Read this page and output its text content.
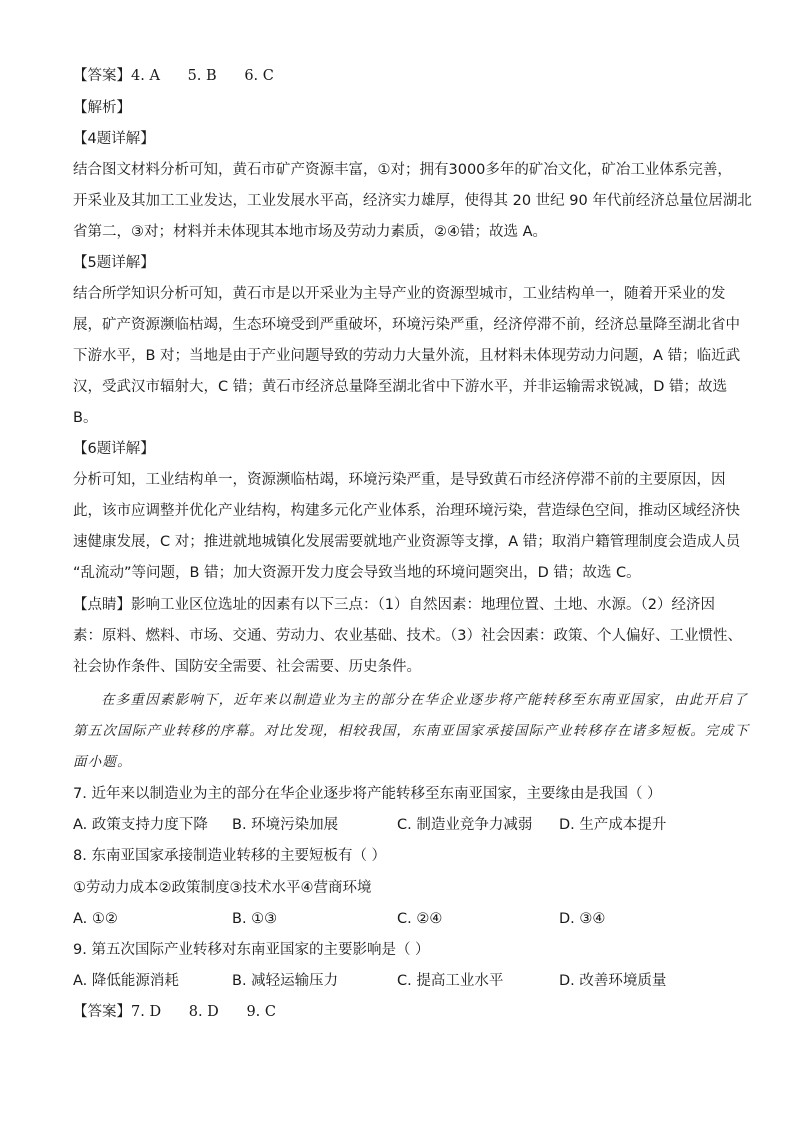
【答案】4. A      5. B      6. C
【解析】
【4题详解】
结合图文材料分析可知，黄石市矿产资源丰富，①对；拥有3000多年的矿冶文化，矿冶工业体系完善，
开采业及其加工工业发达，工业发展水平高，经济实力雄厚，使得其 20 世纪 90 年代前经济总量位居湖北
省第二，③对；材料并未体现其本地市场及劳动力素质，②④错；故选 A。
【5题详解】
结合所学知识分析可知，黄石市是以开采业为主导产业的资源型城市，工业结构单一，随着开采业的发
展，矿产资源濒临枯竭，生态环境受到严重破坏，环境污染严重，经济停滞不前，经济总量降至湖北省中
下游水平，B 对；当地是由于产业问题导致的劳动力大量外流，且材料未体现劳动力问题，A 错；临近武
汉，受武汉市辐射大，C 错；黄石市经济总量降至湖北省中下游水平，并非运输需求锐减，D 错；故选
B。
【6题详解】
分析可知，工业结构单一，资源濒临枯竭，环境污染严重，是导致黄石市经济停滞不前的主要原因，因
此，该市应调整并优化产业结构，构建多元化产业体系，治理环境污染，营造绿色空间，推动区域经济快
速健康发展，C 对；推进就地城镇化发展需要就地产业资源等支撑，A 错；取消户籍管理制度会造成人员
“乱流动”等问题，B 错；加大资源开发力度会导致当地的环境问题突出，D 错；故选 C。
【点睛】影响工业区位选址的因素有以下三点：（1）自然因素：地理位置、土地、水源。（2）经济因
素：原料、燃料、市场、交通、劳动力、农业基础、技术。（3）社会因素：政策、个人偏好、工业惯性、
社会协作条件、国防安全需要、社会需要、历史条件。
在多重因素影响下，近年来以制造业为主的部分在华企业逐步将产能转移至东南亚国家，由此开启了
第五次国际产业转移的序幕。对比发现，相较我国，东南亚国家承接国际产业转移存在诸多短板。完成下
面小题。
7. 近年来以制造业为主的部分在华企业逐步将产能转移至东南亚国家，主要缘由是我国（ ）
A. 政策支持力度下降 B. 环境污染加展	C. 制造业竞争力减弱 D. 生产成本提升
8. 东南亚国家承接制造业转移的主要短板有（ ）
①劳动力成本②政策制度③技术水平④营商环境
A. ①②	B. ①③	C. ②④	D. ③④
9. 第五次国际产业转移对东南亚国家的主要影响是（ ）
A. 降低能源消耗	B. 减轻运输压力	C. 提高工业水平	D. 改善环境质量
【答案】7. D      8. D      9. C
